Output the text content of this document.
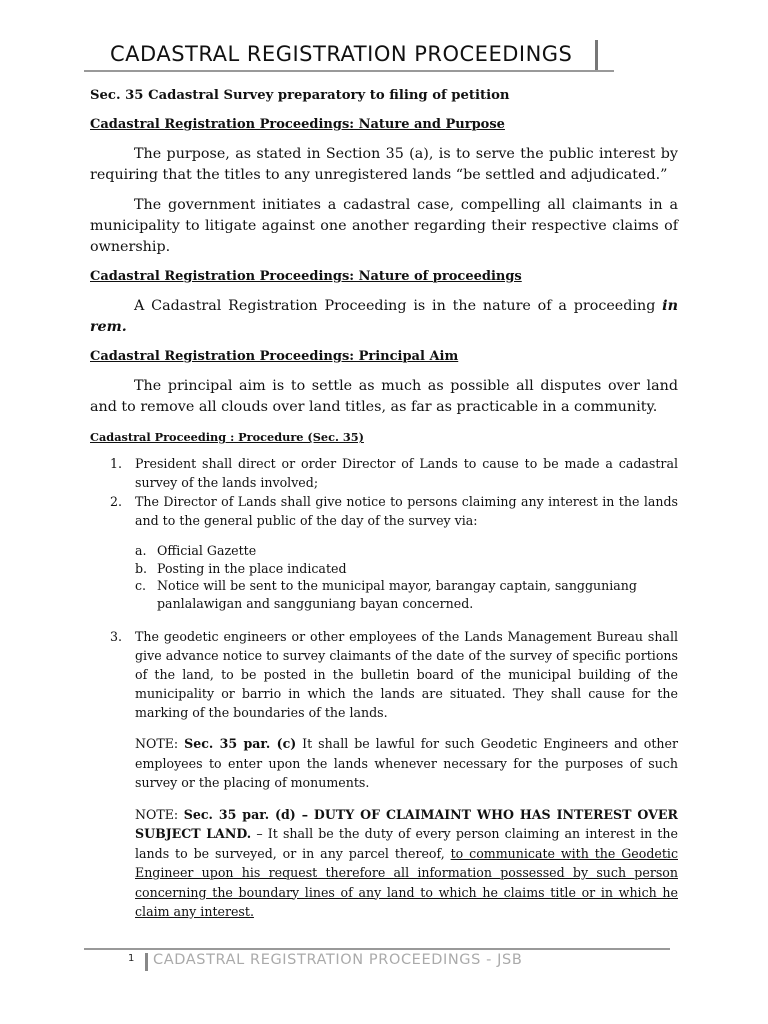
CADASTRAL REGISTRATION PROCEEDINGS

Sec. 35 Cadastral Survey preparatory to filing of petition

Cadastral Registration Proceedings: Nature and Purpose

The purpose, as stated in Section 35 (a), is to serve the public interest by requiring that the titles to any unregistered lands “be settled and adjudicated.”

The government initiates a cadastral case, compelling all claimants in a municipality to litigate against one another regarding their respective claims of ownership.

Cadastral Registration Proceedings: Nature of proceedings

A Cadastral Registration Proceeding is in the nature of a proceeding in rem.

Cadastral Registration Proceedings: Principal Aim

The principal aim is to settle as much as possible all disputes over land and to remove all clouds over land titles, as far as practicable in a community.

Cadastral Proceeding : Procedure (Sec. 35)

1. President shall direct or order Director of Lands to cause to be made a cadastral survey of the lands involved;
2. The Director of Lands shall give notice to persons claiming any interest in the lands and to the general public of the day of the survey via:
a. Official Gazette
b. Posting in the place indicated
c. Notice will be sent to the municipal mayor, barangay captain, sangguniang panlalawigan and sangguniang bayan concerned.
3. The geodetic engineers or other employees of the Lands Management Bureau shall give advance notice to survey claimants of the date of the survey of specific portions of the land, to be posted in the bulletin board of the municipal building of the municipality or barrio in which the lands are situated. They shall cause for the marking of the boundaries of the lands.

NOTE: Sec. 35 par. (c) It shall be lawful for such Geodetic Engineers and other employees to enter upon the lands whenever necessary for the purposes of such survey or the placing of monuments.

NOTE: Sec. 35 par. (d) – DUTY OF CLAIMAINT WHO HAS INTEREST OVER SUBJECT LAND. – It shall be the duty of every person claiming an interest in the lands to be surveyed, or in any parcel thereof, to communicate with the Geodetic Engineer upon his request therefore all information possessed by such person concerning the boundary lines of any land to which he claims title or in which he claim any interest.

1 CADASTRAL REGISTRATION PROCEEDINGS - JSB
